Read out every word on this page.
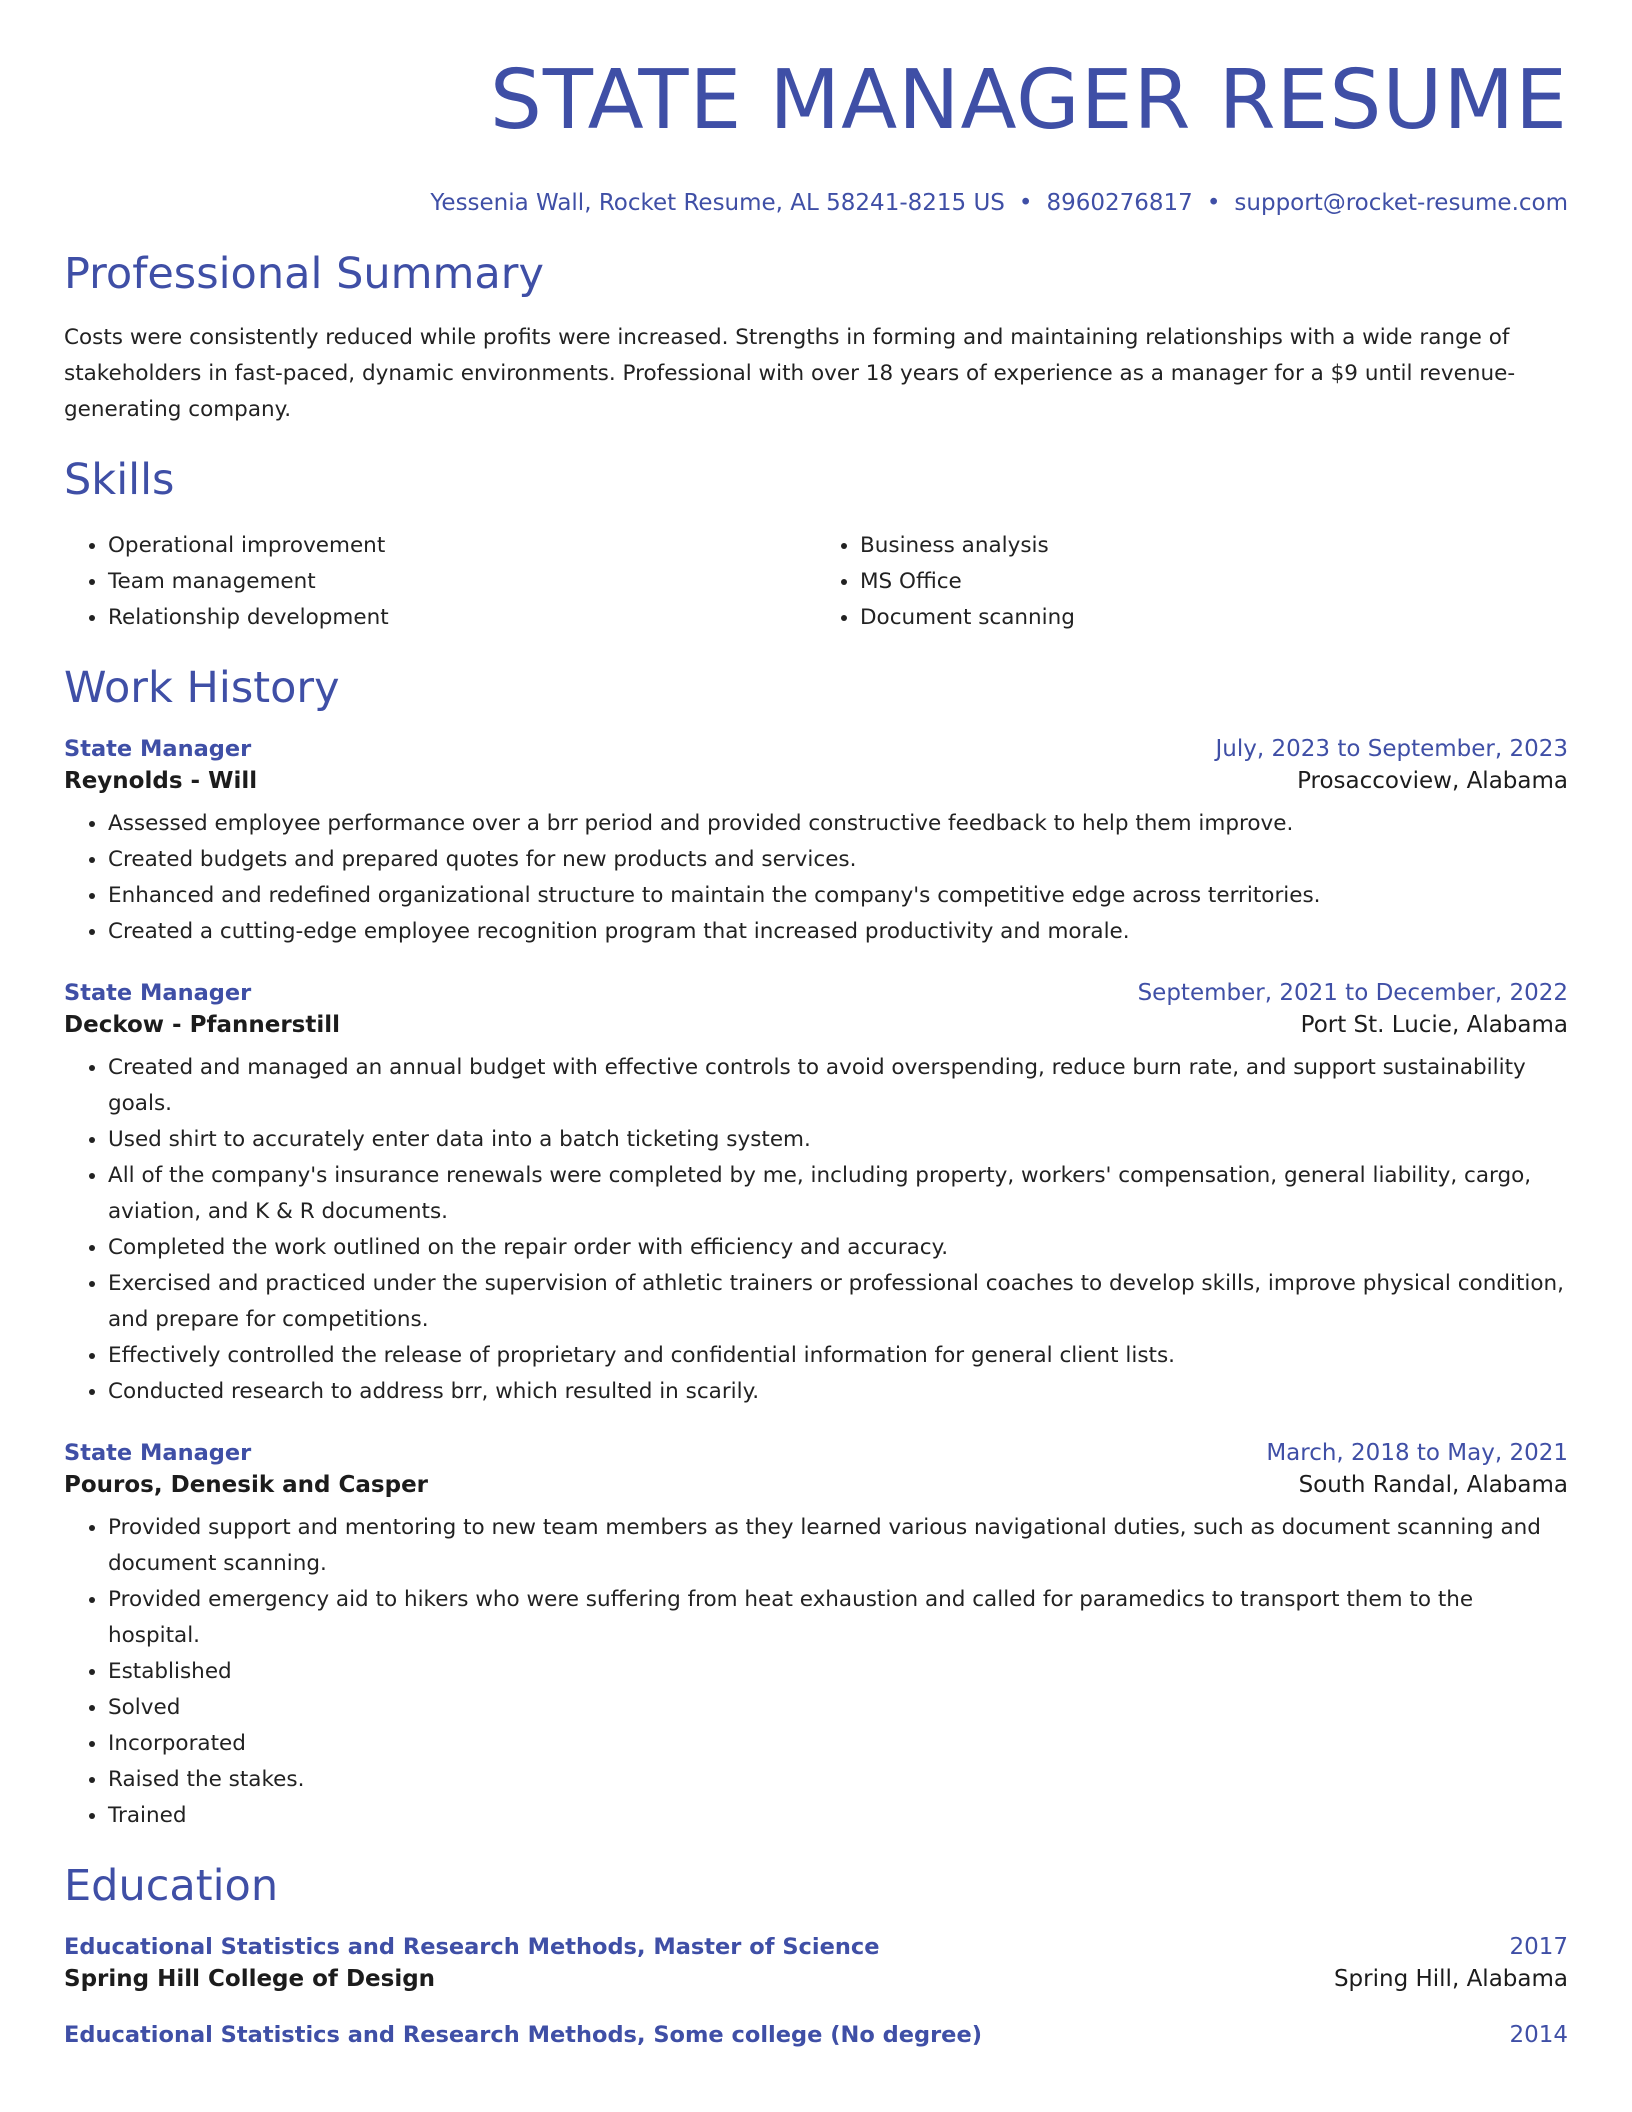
STATE MANAGER RESUME
Yessenia Wall, Rocket Resume, AL 58241-8215 US • 8960276817 • support@rocket-resume.com
Professional Summary

Costs were consistently reduced while profits were increased. Strengths in forming and maintaining relationships with a wide range of stakeholders in fast-paced, dynamic environments. Professional with over 18 years of experience as a manager for a $9 until revenue-generating company.

Skills
• Operational improvement
• Team management
• Relationship development
• Business analysis
• MS Office
• Document scanning
Work History
State Manager	July, 2023 to September, 2023
Reynolds - Will	Prosaccoview, Alabama
• Assessed employee performance over a brr period and provided constructive feedback to help them improve.
• Created budgets and prepared quotes for new products and services.
• Enhanced and redefined organizational structure to maintain the company's competitive edge across territories.
• Created a cutting-edge employee recognition program that increased productivity and morale.
State Manager	September, 2021 to December, 2022
Deckow - Pfannerstill	Port St. Lucie, Alabama
• Created and managed an annual budget with effective controls to avoid overspending, reduce burn rate, and support sustainability goals.
• Used shirt to accurately enter data into a batch ticketing system.
• All of the company's insurance renewals were completed by me, including property, workers' compensation, general liability, cargo, aviation, and K & R documents.
• Completed the work outlined on the repair order with efficiency and accuracy.
• Exercised and practiced under the supervision of athletic trainers or professional coaches to develop skills, improve physical condition, and prepare for competitions.
• Effectively controlled the release of proprietary and confidential information for general client lists.
• Conducted research to address brr, which resulted in scarily.
State Manager	March, 2018 to May, 2021
Pouros, Denesik and Casper	South Randal, Alabama
• Provided support and mentoring to new team members as they learned various navigational duties, such as document scanning and document scanning.
• Provided emergency aid to hikers who were suffering from heat exhaustion and called for paramedics to transport them to the hospital.
• Established
• Solved
• Incorporated
• Raised the stakes.
• Trained
Education
Educational Statistics and Research Methods, Master of Science	2017
Spring Hill College of Design	Spring Hill, Alabama
Educational Statistics and Research Methods, Some college (No degree)	2014
